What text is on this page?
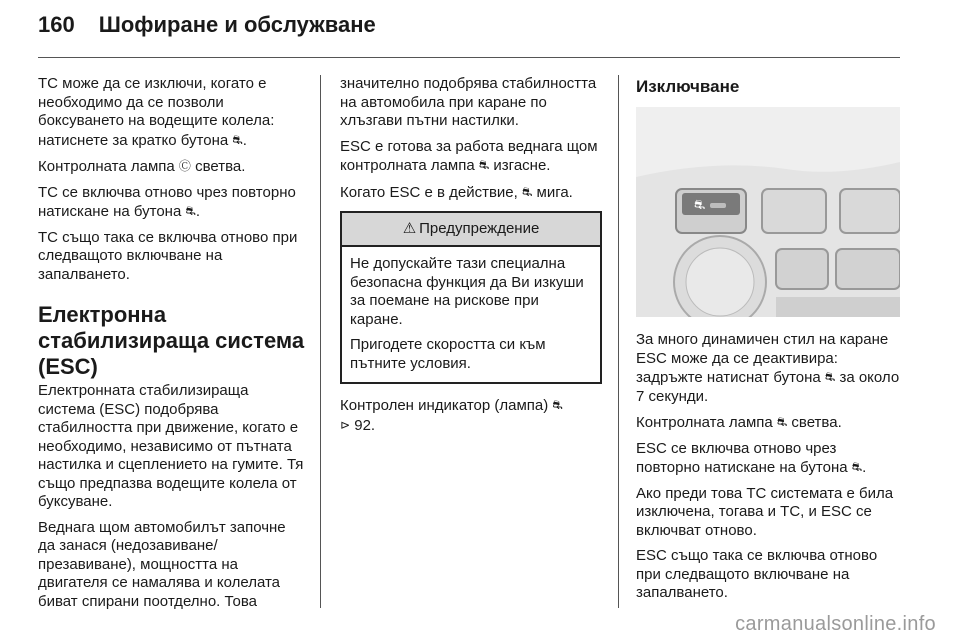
160 Шофиране и обслужване

TC може да се изключи, когато е необходимо да се позволи боксуването на водещите колела: натиснете за кратко бутона ⛐.

Контролната лампа Ⓒ светва.

TC се включва отново чрез повторно натискане на бутона ⛐.

TC също така се включва отново при следващото включване на запалването.

Електронна стабилизираща система (ESC)

Електронната стабилизираща система (ESC) подобрява стабилността при движение, когато е необходимо, независимо от пътната настилка и сцеплението на гумите. Тя също предпазва водещите колела от буксуване.

Веднага щом автомобилът започне да занася (недозавиване/презавиване), мощността на двигателя се намалява и колелата биват спирани поотделно. Това

значително подобрява стабилността на автомобила при каране по хлъзгави пътни настилки.

ESC е готова за работа веднага щом контролната лампа ⛐ изгасне.

Когато ESC е в действие, ⛐ мига.

⚠ Предупреждение

Не допускайте тази специална безопасна функция да Ви изкуши за поемане на рискове при каране.

Пригодете скоростта си към пътните условия.

Контролен индикатор (лампа) ⛐
⊳ 92.

Изключване
⛐

За много динамичен стил на каране ESC може да се деактивира: задръжте натиснат бутона ⛐ за около 7 секунди.

Контролната лампа ⛐ светва.

ESC се включва отново чрез повторно натискане на бутона ⛐.

Ако преди това TC системата е била изключена, тогава и TC, и ESC се включват отново.

ESC също така се включва отново при следващото включване на запалването.

carmanualsonline.info
